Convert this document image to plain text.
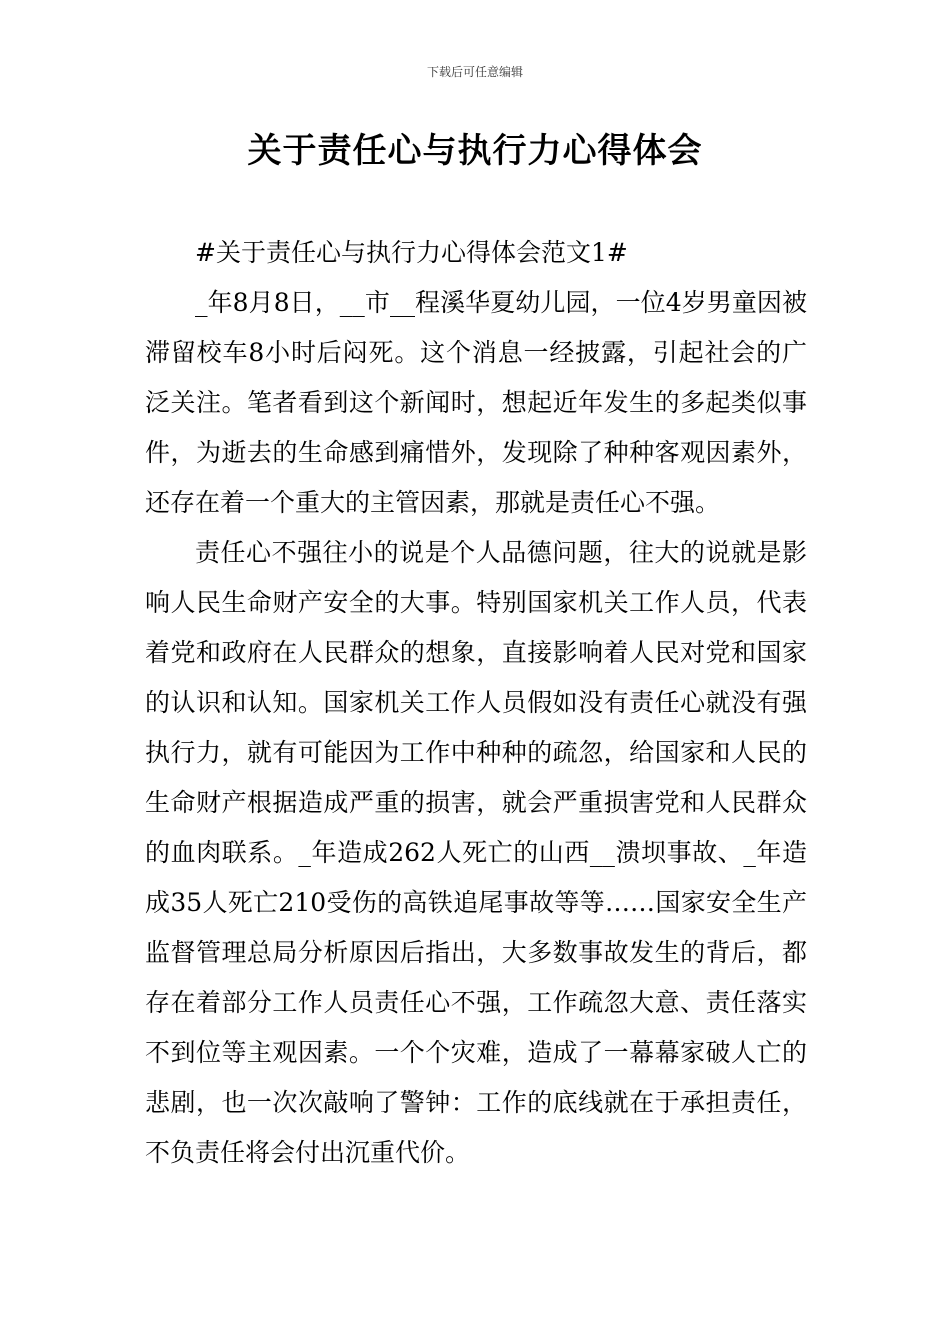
下载后可任意编辑
关于责任心与执行力心得体会

#关于责任心与执行力心得体会范文1#

_年8月8日，__市__程溪华夏幼儿园，一位4岁男童因被滞留校车8小时后闷死。这个消息一经披露，引起社会的广泛关注。笔者看到这个新闻时，想起近年发生的多起类似事件，为逝去的生命感到痛惜外，发现除了种种客观因素外，还存在着一个重大的主管因素，那就是责任心不强。

责任心不强往小的说是个人品德问题，往大的说就是影响人民生命财产安全的大事。特别国家机关工作人员，代表着党和政府在人民群众的想象，直接影响着人民对党和国家的认识和认知。国家机关工作人员假如没有责任心就没有强执行力，就有可能因为工作中种种的疏忽，给国家和人民的生命财产根据造成严重的损害，就会严重损害党和人民群众的血肉联系。_年造成262人死亡的山西__溃坝事故、_年造成35人死亡210受伤的高铁追尾事故等等……国家安全生产监督管理总局分析原因后指出，大多数事故发生的背后，都存在着部分工作人员责任心不强，工作疏忽大意、责任落实不到位等主观因素。一个个灾难，造成了一幕幕家破人亡的悲剧，也一次次敲响了警钟：工作的底线就在于承担责任，不负责任将会付出沉重代价。
